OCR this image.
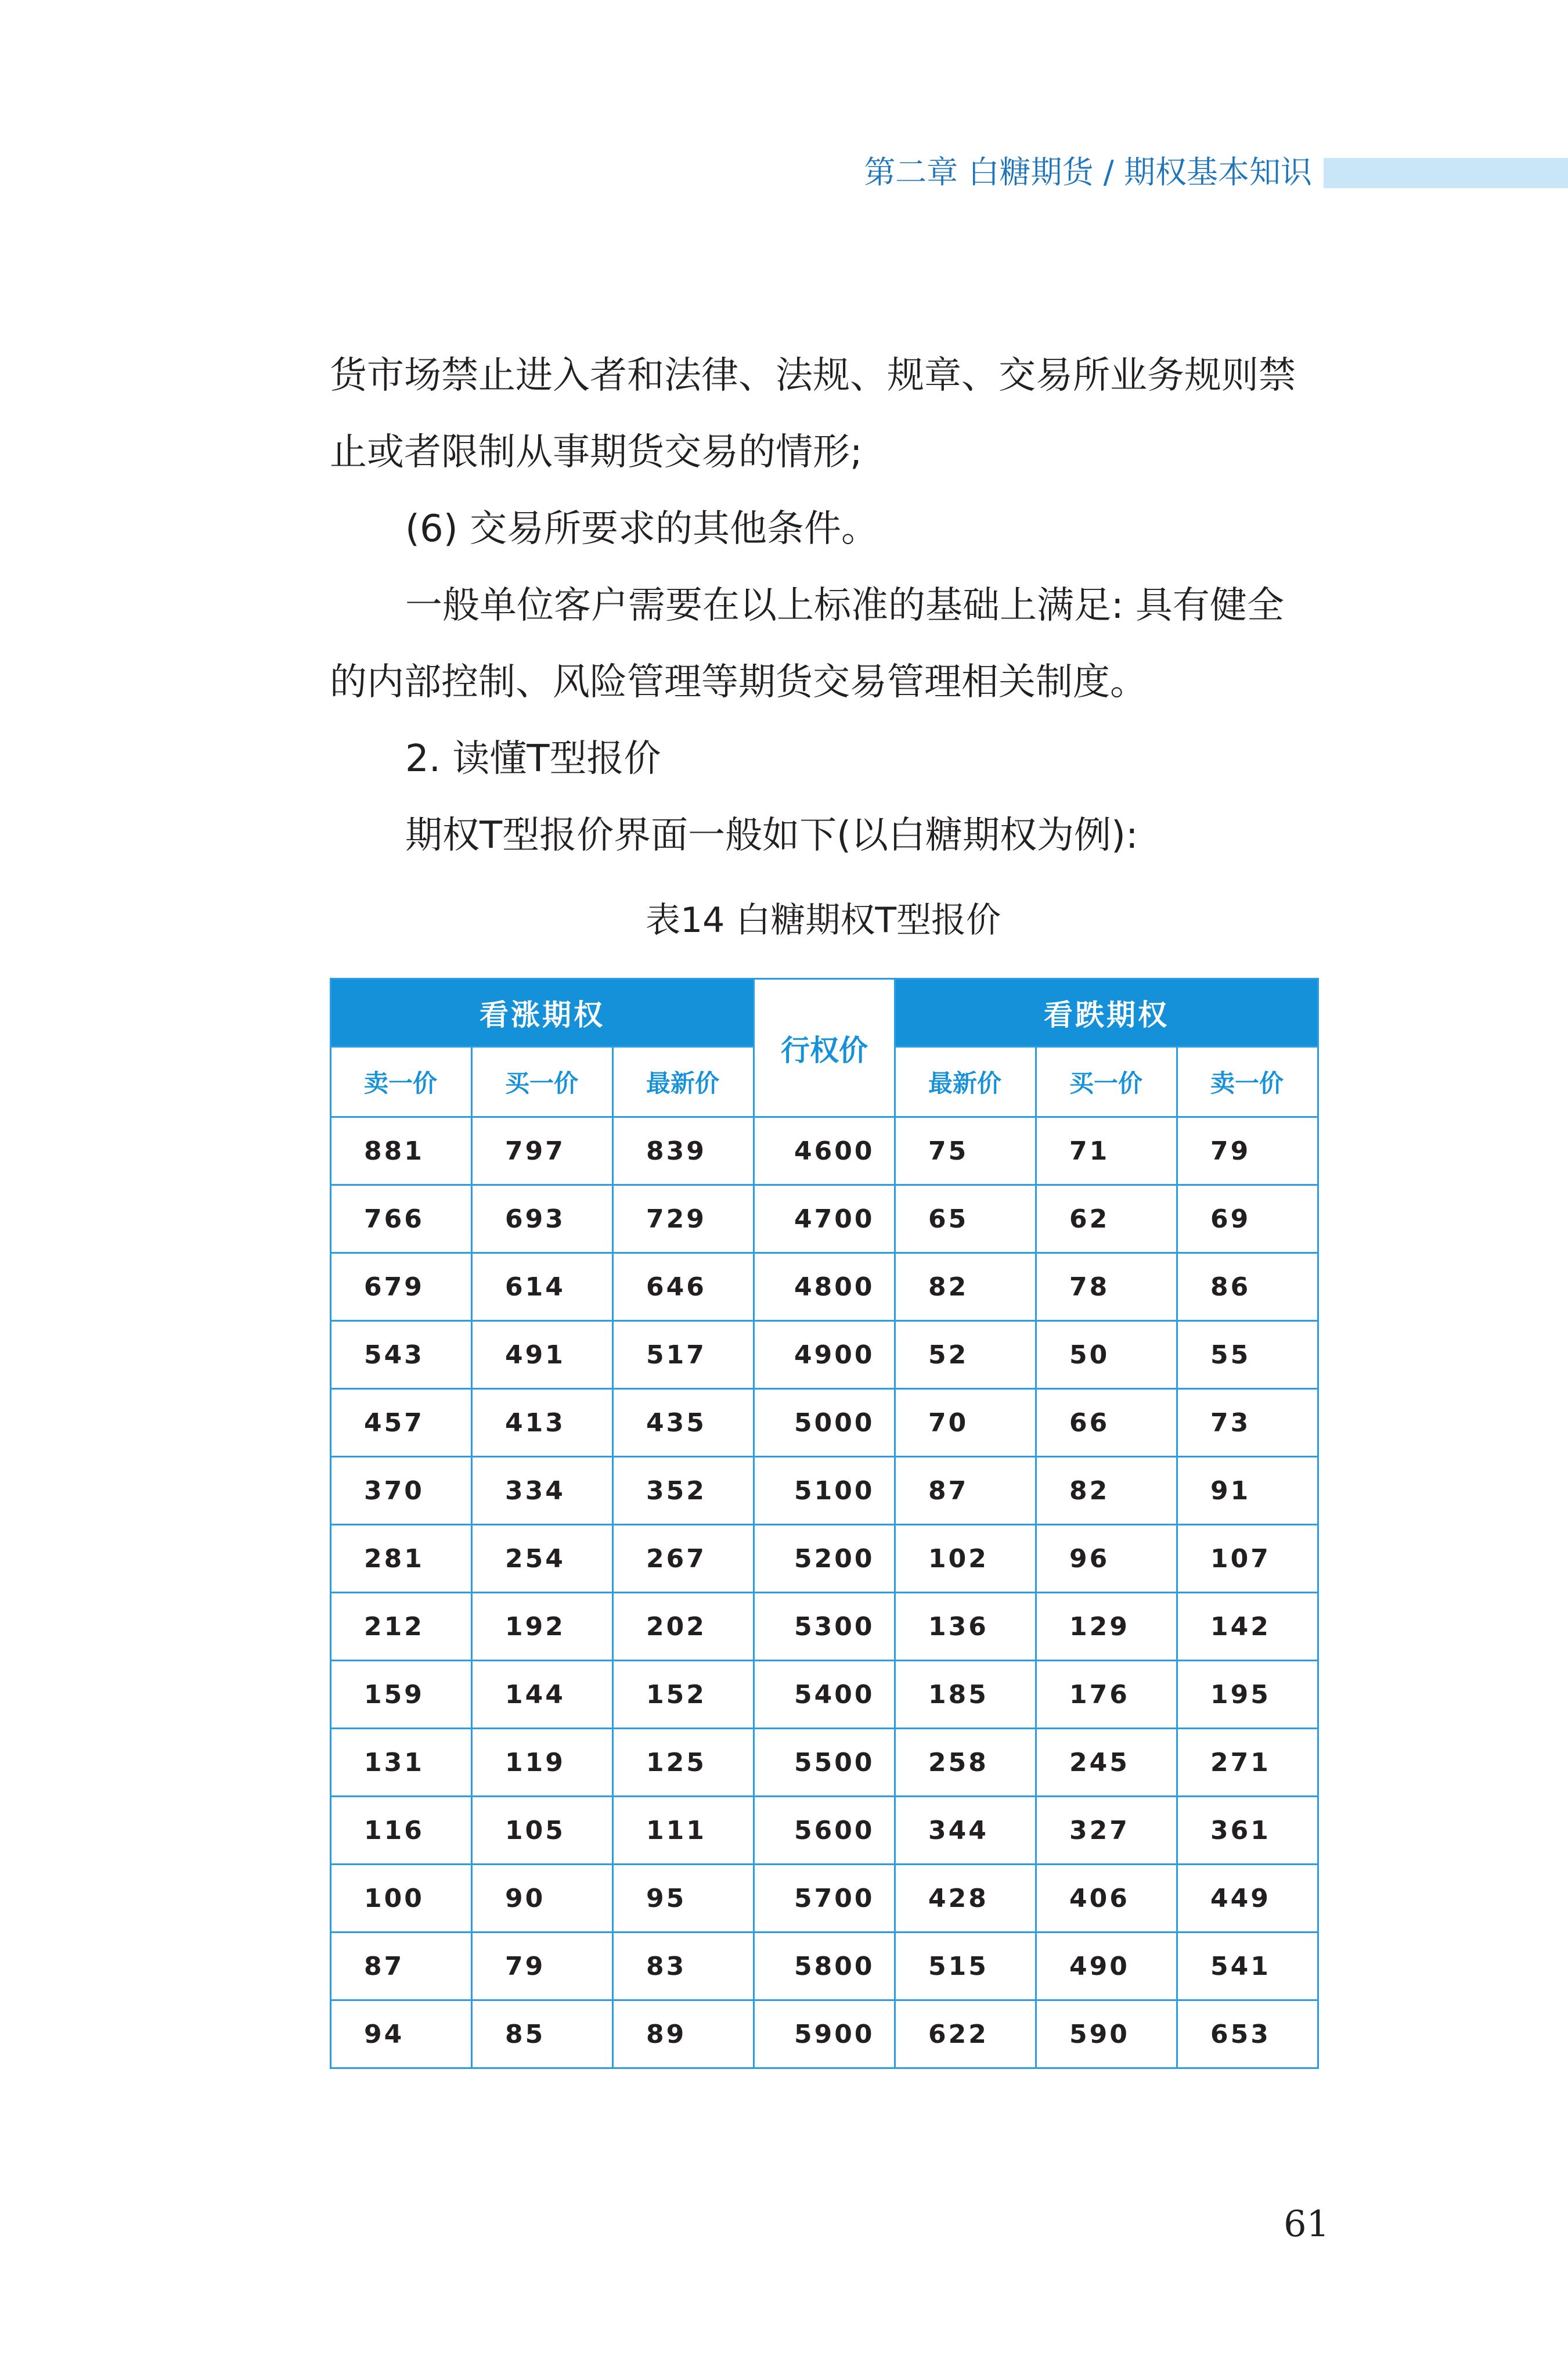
第二章 白糖期货 / 期权基本知识
货市场禁止进入者和法律、法规、规章、交易所业务规则禁
止或者限制从事期货交易的情形;
(6) 交易所要求的其他条件。
一般单位客户需要在以上标准的基础上满足: 具有健全
的内部控制、风险管理等期货交易管理相关制度。
2. 读懂T型报价
期权T型报价界面一般如下(以白糖期权为例):
表14 白糖期权T型报价
看涨期权			行权价	看跌期权		
卖一价	买一价	最新价		最新价	买一价	卖一价
881	797	839	4600	75	71	79
766	693	729	4700	65	62	69
679	614	646	4800	82	78	86
543	491	517	4900	52	50	55
457	413	435	5000	70	66	73
370	334	352	5100	87	82	91
281	254	267	5200	102	96	107
212	192	202	5300	136	129	142
159	144	152	5400	185	176	195
131	119	125	5500	258	245	271
116	105	111	5600	344	327	361
100	90	95	5700	428	406	449
87	79	83	5800	515	490	541
94	85	89	5900	622	590	653
61
